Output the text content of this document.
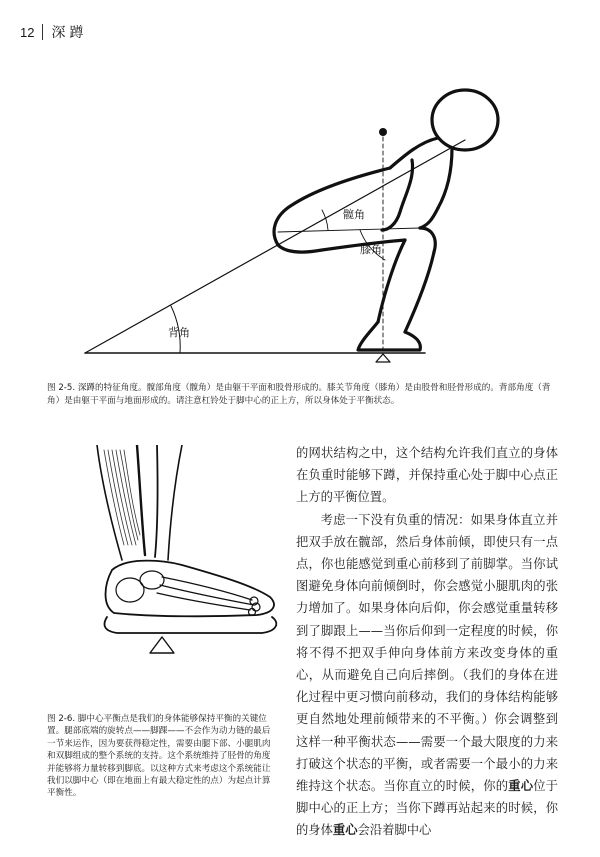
12 深蹲
髋角
膝角
背角
图 2-5. 深蹲的特征角度。髋部角度（髋角）是由躯干平面和股骨形成的。膝关节角度（膝角）是由股骨和胫骨形成的。背部角度（背角）是由躯干平面与地面形成的。请注意杠铃处于脚中心的正上方，所以身体处于平衡状态。
图 2-6. 脚中心平衡点是我们的身体能够保持平衡的关键位置。腿部底端的旋转点——脚踝——不会作为动力链的最后一节来运作，因为要获得稳定性，需要由腿下部、小腿肌肉和双脚组成的整个系统的支持。这个系统维持了胫骨的角度并能够将力量转移到脚底。以这种方式来考虑这个系统能让我们以脚中心（即在地面上有最大稳定性的点）为起点计算平衡性。

的网状结构之中，这个结构允许我们直立的身体在负重时能够下蹲，并保持重心处于脚中心点正上方的平衡位置。

考虑一下没有负重的情况：如果身体直立并把双手放在髋部，然后身体前倾，即使只有一点点，你也能感觉到重心前移到了前脚掌。当你试图避免身体向前倾倒时，你会感觉小腿肌肉的张力增加了。如果身体向后仰，你会感觉重量转移到了脚跟上——当你后仰到一定程度的时候，你将不得不把双手伸向身体前方来改变身体的重心，从而避免自己向后摔倒。（我们的身体在进化过程中更习惯向前移动，我们的身体结构能够更自然地处理前倾带来的不平衡。）你会调整到这样一种平衡状态——需要一个最大限度的力来打破这个状态的平衡，或者需要一个最小的力来维持这个状态。当你直立的时候，你的重心位于脚中心的正上方；当你下蹲再站起来的时候，你的身体重心会沿着脚中心
